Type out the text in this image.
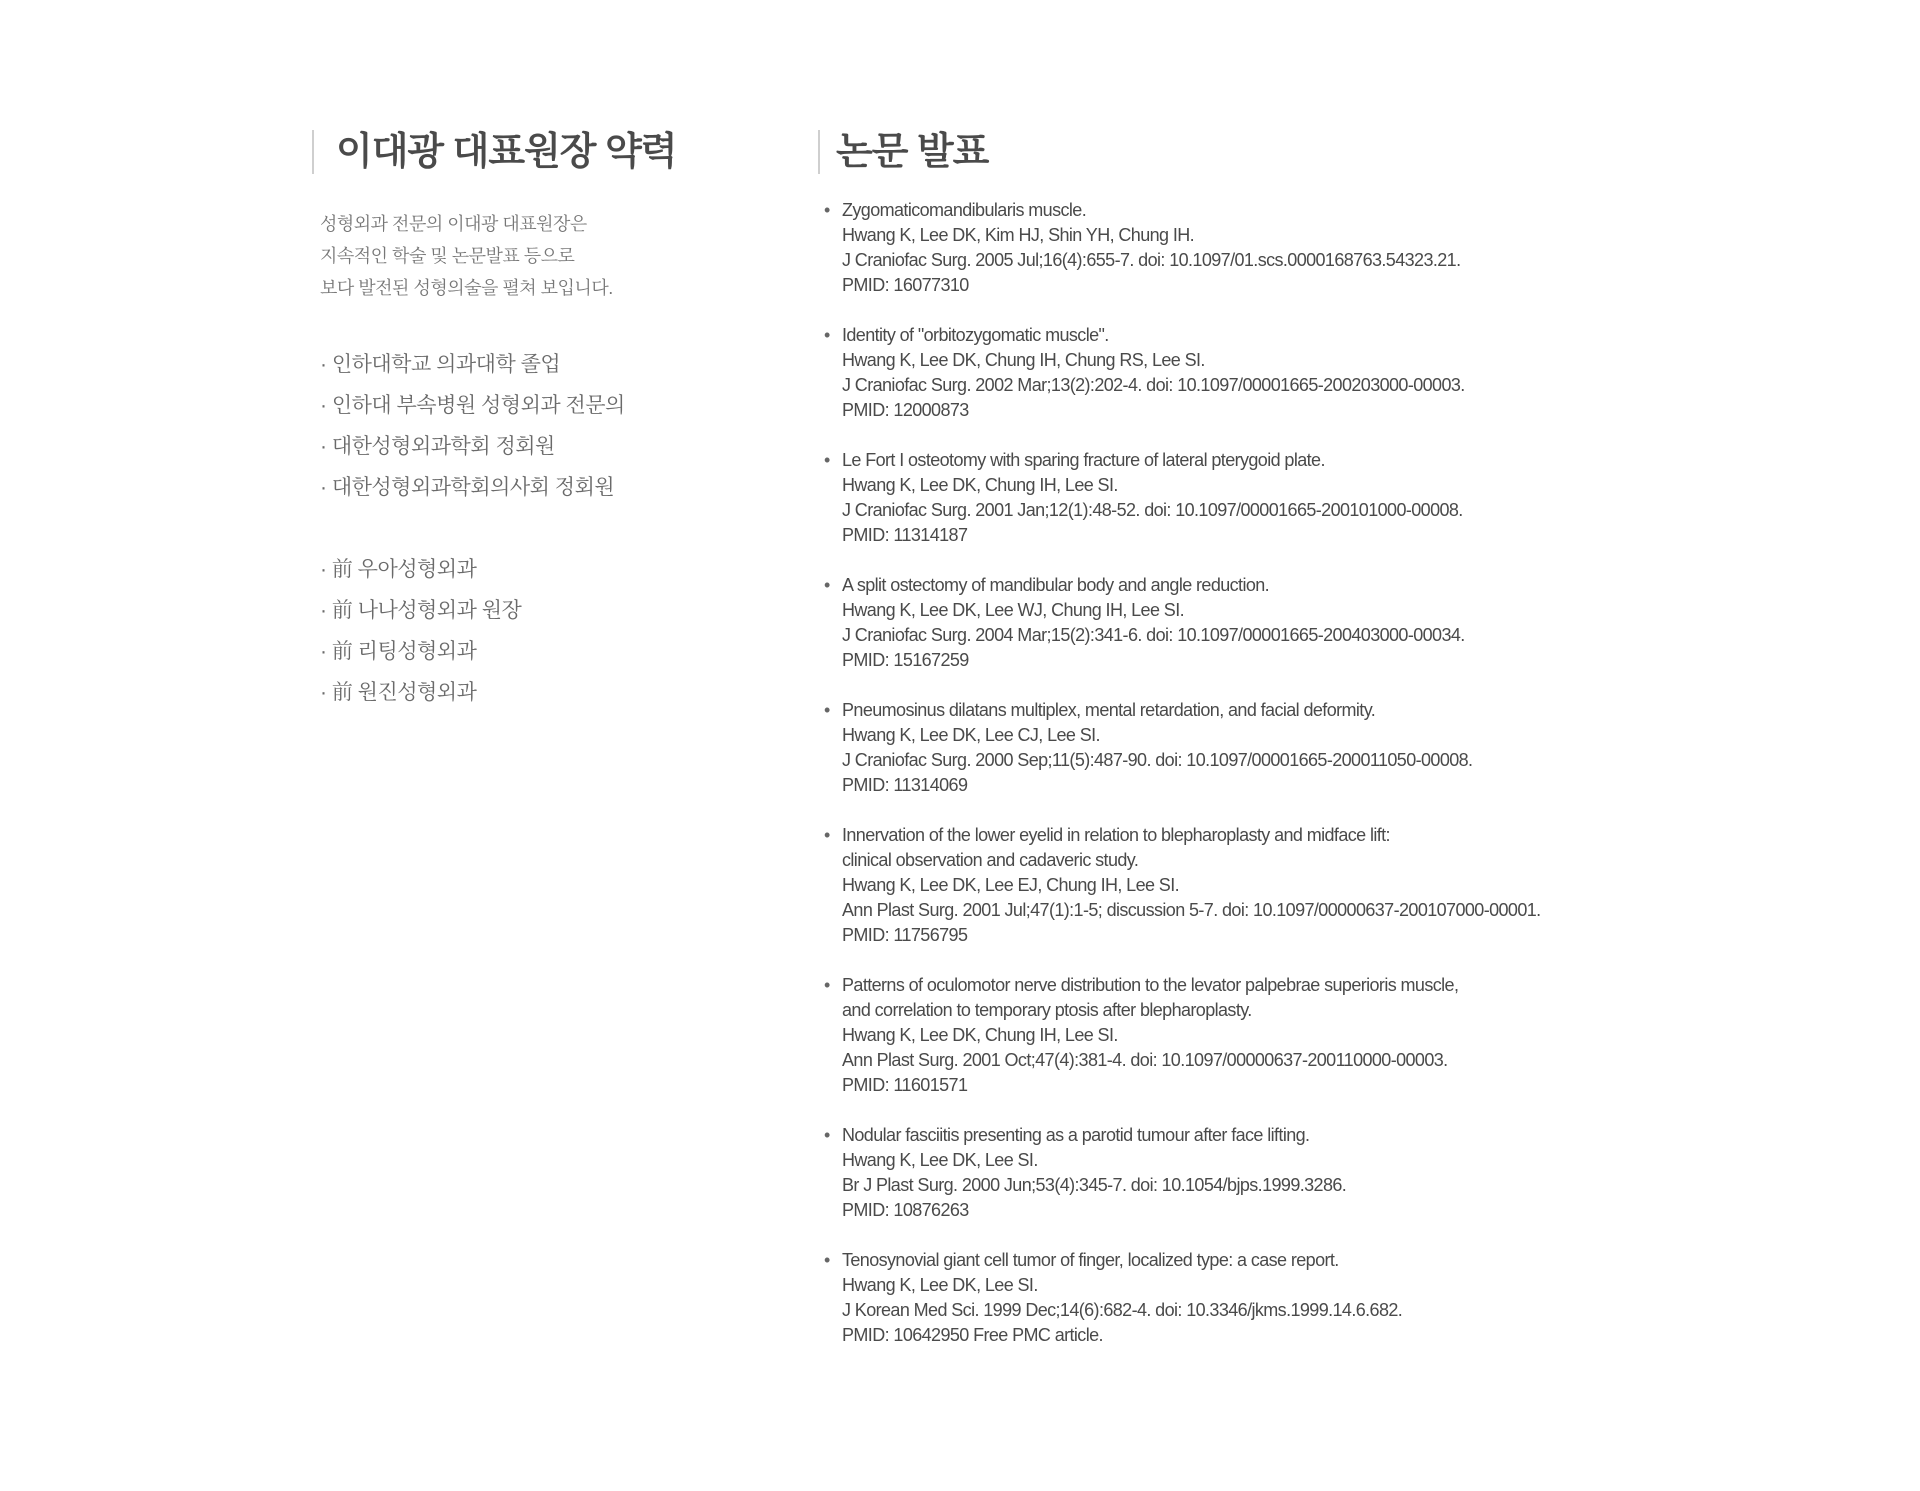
이대광 대표원장 약력
성형외과 전문의 이대광 대표원장은
지속적인 학술 및 논문발표 등으로
보다 발전된 성형의술을 펼쳐 보입니다.
· 인하대학교 의과대학 졸업
· 인하대 부속병원 성형외과 전문의
· 대한성형외과학회 정회원
· 대한성형외과학회의사회 정회원
· 前 우아성형외과
· 前 나나성형외과 원장
· 前 리팅성형외과
· 前 원진성형외과
논문 발표
• Zygomaticomandibularis muscle.
Hwang K, Lee DK, Kim HJ, Shin YH, Chung IH.
J Craniofac Surg. 2005 Jul;16(4):655-7. doi: 10.1097/01.scs.0000168763.54323.21.
PMID: 16077310
• Identity of "orbitozygomatic muscle".
Hwang K, Lee DK, Chung IH, Chung RS, Lee SI.
J Craniofac Surg. 2002 Mar;13(2):202-4. doi: 10.1097/00001665-200203000-00003.
PMID: 12000873
• Le Fort I osteotomy with sparing fracture of lateral pterygoid plate.
Hwang K, Lee DK, Chung IH, Lee SI.
J Craniofac Surg. 2001 Jan;12(1):48-52. doi: 10.1097/00001665-200101000-00008.
PMID: 11314187
• A split ostectomy of mandibular body and angle reduction.
Hwang K, Lee DK, Lee WJ, Chung IH, Lee SI.
J Craniofac Surg. 2004 Mar;15(2):341-6. doi: 10.1097/00001665-200403000-00034.
PMID: 15167259
• Pneumosinus dilatans multiplex, mental retardation, and facial deformity.
Hwang K, Lee DK, Lee CJ, Lee SI.
J Craniofac Surg. 2000 Sep;11(5):487-90. doi: 10.1097/00001665-200011050-00008.
PMID: 11314069
• Innervation of the lower eyelid in relation to blepharoplasty and midface lift:
clinical observation and cadaveric study.
Hwang K, Lee DK, Lee EJ, Chung IH, Lee SI.
Ann Plast Surg. 2001 Jul;47(1):1-5; discussion 5-7. doi: 10.1097/00000637-200107000-00001.
PMID: 11756795
• Patterns of oculomotor nerve distribution to the levator palpebrae superioris muscle,
and correlation to temporary ptosis after blepharoplasty.
Hwang K, Lee DK, Chung IH, Lee SI.
Ann Plast Surg. 2001 Oct;47(4):381-4. doi: 10.1097/00000637-200110000-00003.
PMID: 11601571
• Nodular fasciitis presenting as a parotid tumour after face lifting.
Hwang K, Lee DK, Lee SI.
Br J Plast Surg. 2000 Jun;53(4):345-7. doi: 10.1054/bjps.1999.3286.
PMID: 10876263
• Tenosynovial giant cell tumor of finger, localized type: a case report.
Hwang K, Lee DK, Lee SI.
J Korean Med Sci. 1999 Dec;14(6):682-4. doi: 10.3346/jkms.1999.14.6.682.
PMID: 10642950 Free PMC article.
